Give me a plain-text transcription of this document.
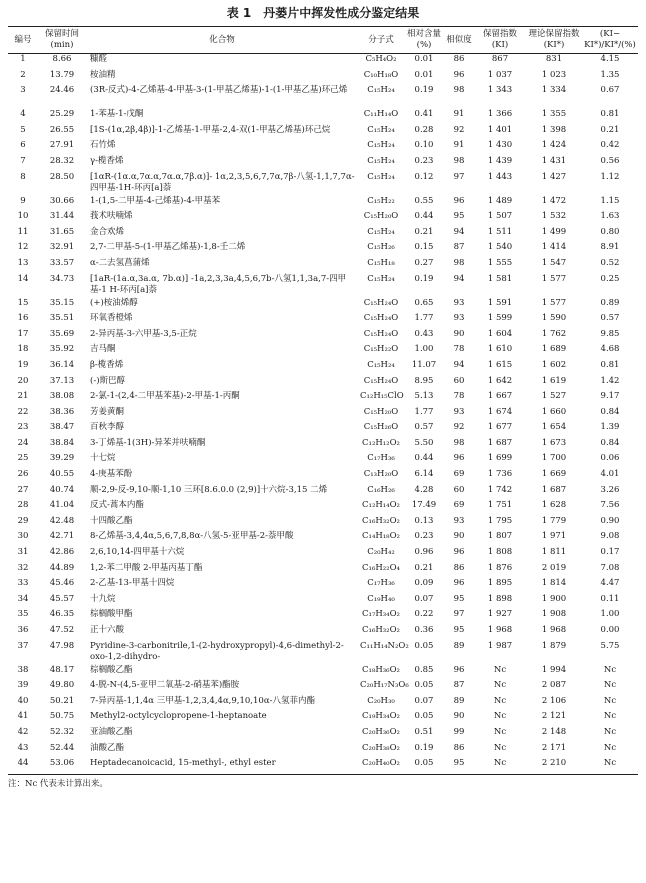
表 1　丹蒌片中挥发性成分鉴定结果
编号	保留时间 (min)	化合物	分子式	相对含量(%)	相似度	保留指数(KI)	理论保留指数(KI*)	(KI− KI*)/KI*/(%)
1	8.66	糠醛	C₅H₄O₂	0.01	86	867	831	4.15
2	13.79	桉油精	C₁₀H₁₈O	0.01	96	1 037	1 023	1.35
3	24.46	(3R-反式)-4-乙烯基-4-甲基-3-(1-甲基乙烯基)-1-(1-甲基乙基)环己烯	C₁₅H₂₄	0.19	98	1 343	1 334	0.67
4	25.29	1-苯基-1-戊酮	C₁₁H₁₄O	0.41	91	1 366	1 355	0.81
5	26.55	[1S-(1α,2β,4β)]-1-乙烯基-1-甲基-2,4-双(1-甲基乙烯基)环己烷	C₁₅H₂₄	0.28	92	1 401	1 398	0.21
6	27.91	石竹烯	C₁₅H₂₄	0.10	91	1 430	1 424	0.42
7	28.32	γ-榄香烯	C₁₅H₂₄	0.23	98	1 439	1 431	0.56
8	28.50	[1αR-(1α.α,7α.α,7α.α,7β.α)]- 1α,2,3,5,6,7,7α,7β-八氢-1,1,7,7α-四甲基-1H-环丙[a]萘	C₁₅H₂₄	0.12	97	1 443	1 427	1.12
9	30.66	1-(1,5-二甲基-4-己烯基)-4-甲基苯	C₁₅H₂₂	0.55	96	1 489	1 472	1.15
10	31.44	莪术呋喃烯	C₁₅H₂₀O	0.44	95	1 507	1 532	1.63
11	31.65	金合欢烯	C₁₅H₂₄	0.21	94	1 511	1 499	0.80
12	32.91	2,7-二甲基-5-(1-甲基乙烯基)-1,8-壬二烯	C₁₅H₂₆	0.15	87	1 540	1 414	8.91
13	33.57	α-二去氢菖蒲烯	C₁₅H₁₈	0.27	98	1 555	1 547	0.52
14	34.73	[1aR-(1a.α,3a.α, 7b.α)] -1a,2,3,3a,4,5,6,7b-八氢1,1,3a,7-四甲基-1 H-环丙[a]萘	C₁₅H₂₄	0.19	94	1 581	1 577	0.25
15	35.15	(+)桉油烯醇	C₁₅H₂₄O	0.65	93	1 591	1 577	0.89
16	35.51	环氧香橙烯	C₁₅H₂₄O	1.77	93	1 599	1 590	0.57
17	35.69	2-异丙基-3-六甲基-3,5-正烷	C₁₅H₂₄O	0.43	90	1 604	1 762	9.85
18	35.92	吉马酮	C₁₅H₂₂O	1.00	78	1 610	1 689	4.68
19	36.14	β-榄香烯	C₁₅H₂₄	11.07	94	1 615	1 602	0.81
20	37.13	(-)斯巴醇	C₁₅H₂₄O	8.95	60	1 642	1 619	1.42
21	38.08	2-氯-1-(2,4-二甲基苯基)-2-甲基-1-丙酮	C₁₂H₁₅ClO	5.13	78	1 667	1 527	9.17
22	38.36	芳姜黄酮	C₁₅H₂₀O	1.77	93	1 674	1 660	0.84
23	38.47	百秋李醇	C₁₅H₂₆O	0.57	92	1 677	1 654	1.39
24	38.84	3-丁烯基-1(3H)-异苯并呋喃酮	C₁₂H₁₂O₂	5.50	98	1 687	1 673	0.84
25	39.29	十七烷	C₁₇H₃₆	0.44	96	1 699	1 700	0.06
26	40.55	4-庚基苯酚	C₁₃H₂₀O	6.14	69	1 736	1 669	4.01
27	40.74	顺-2,9-反-9,10-顺-1,10 三环[8.6.0.0 (2,9)]十六烷-3,15 二烯	C₁₆H₂₆	4.28	60	1 742	1 687	3.26
28	41.04	反式-蒿本内酯	C₁₂H₁₄O₂	17.49	69	1 751	1 628	7.56
29	42.48	十四酸乙酯	C₁₆H₃₂O₂	0.13	93	1 795	1 779	0.90
30	42.71	8-乙烯基-3,4,4α,5,6,7,8,8α-八氢-5-亚甲基-2-萘甲酸	C₁₄H₁₈O₂	0.23	90	1 807	1 971	9.08
31	42.86	2,6,10,14-四甲基十六烷	C₂₀H₄₂	0.96	96	1 808	1 811	0.17
32	44.89	1,2-苯二甲酸 2-甲基丙基丁酯	C₁₆H₂₂O₄	0.21	86	1 876	2 019	7.08
33	45.46	2-乙基-13-甲基十四烷	C₁₇H₃₆	0.09	96	1 895	1 814	4.47
34	45.57	十九烷	C₁₉H₄₀	0.07	95	1 898	1 900	0.11
35	46.35	棕榈酸甲酯	C₁₇H₃₄O₂	0.22	97	1 927	1 908	1.00
36	47.52	正十六酸	C₁₆H₃₂O₂	0.36	95	1 968	1 968	0.00
37	47.98	Pyridine-3-carbonitrile,1-(2-hydroxypropyl)-4,6-dimethyl-2-oxo-1,2-dihydro-	C₁₁H₁₄N₂O₂	0.05	89	1 987	1 879	5.75
38	48.17	棕榈酸乙酯	C₁₈H₃₆O₂	0.85	96	Nc	1 994	Nc
39	49.80	4-脱-N-(4,5-亚甲二氧基-2-硝基苯)酯胺	C₂₀H₁₇N₃O₆	0.05	87	Nc	2 087	Nc
40	50.21	7-异丙基-1,1,4α 三甲基-1,2,3,4,4α,9,10,10α-八氢菲内酯	C₂₀H₃₀	0.07	89	Nc	2 106	Nc
41	50.75	Methyl2-octylcyclopropene-1-heptanoate	C₁₉H₃₄O₂	0.05	90	Nc	2 121	Nc
42	52.32	亚油酸乙酯	C₂₀H₃₆O₂	0.51	99	Nc	2 148	Nc
43	52.44	油酸乙酯	C₂₀H₃₈O₂	0.19	86	Nc	2 171	Nc
44	53.06	Heptadecanoicacid, 15-methyl-, ethyl ester	C₂₀H₄₀O₂	0.05	95	Nc	2 210	Nc
注：Nc 代表未计算出来。
